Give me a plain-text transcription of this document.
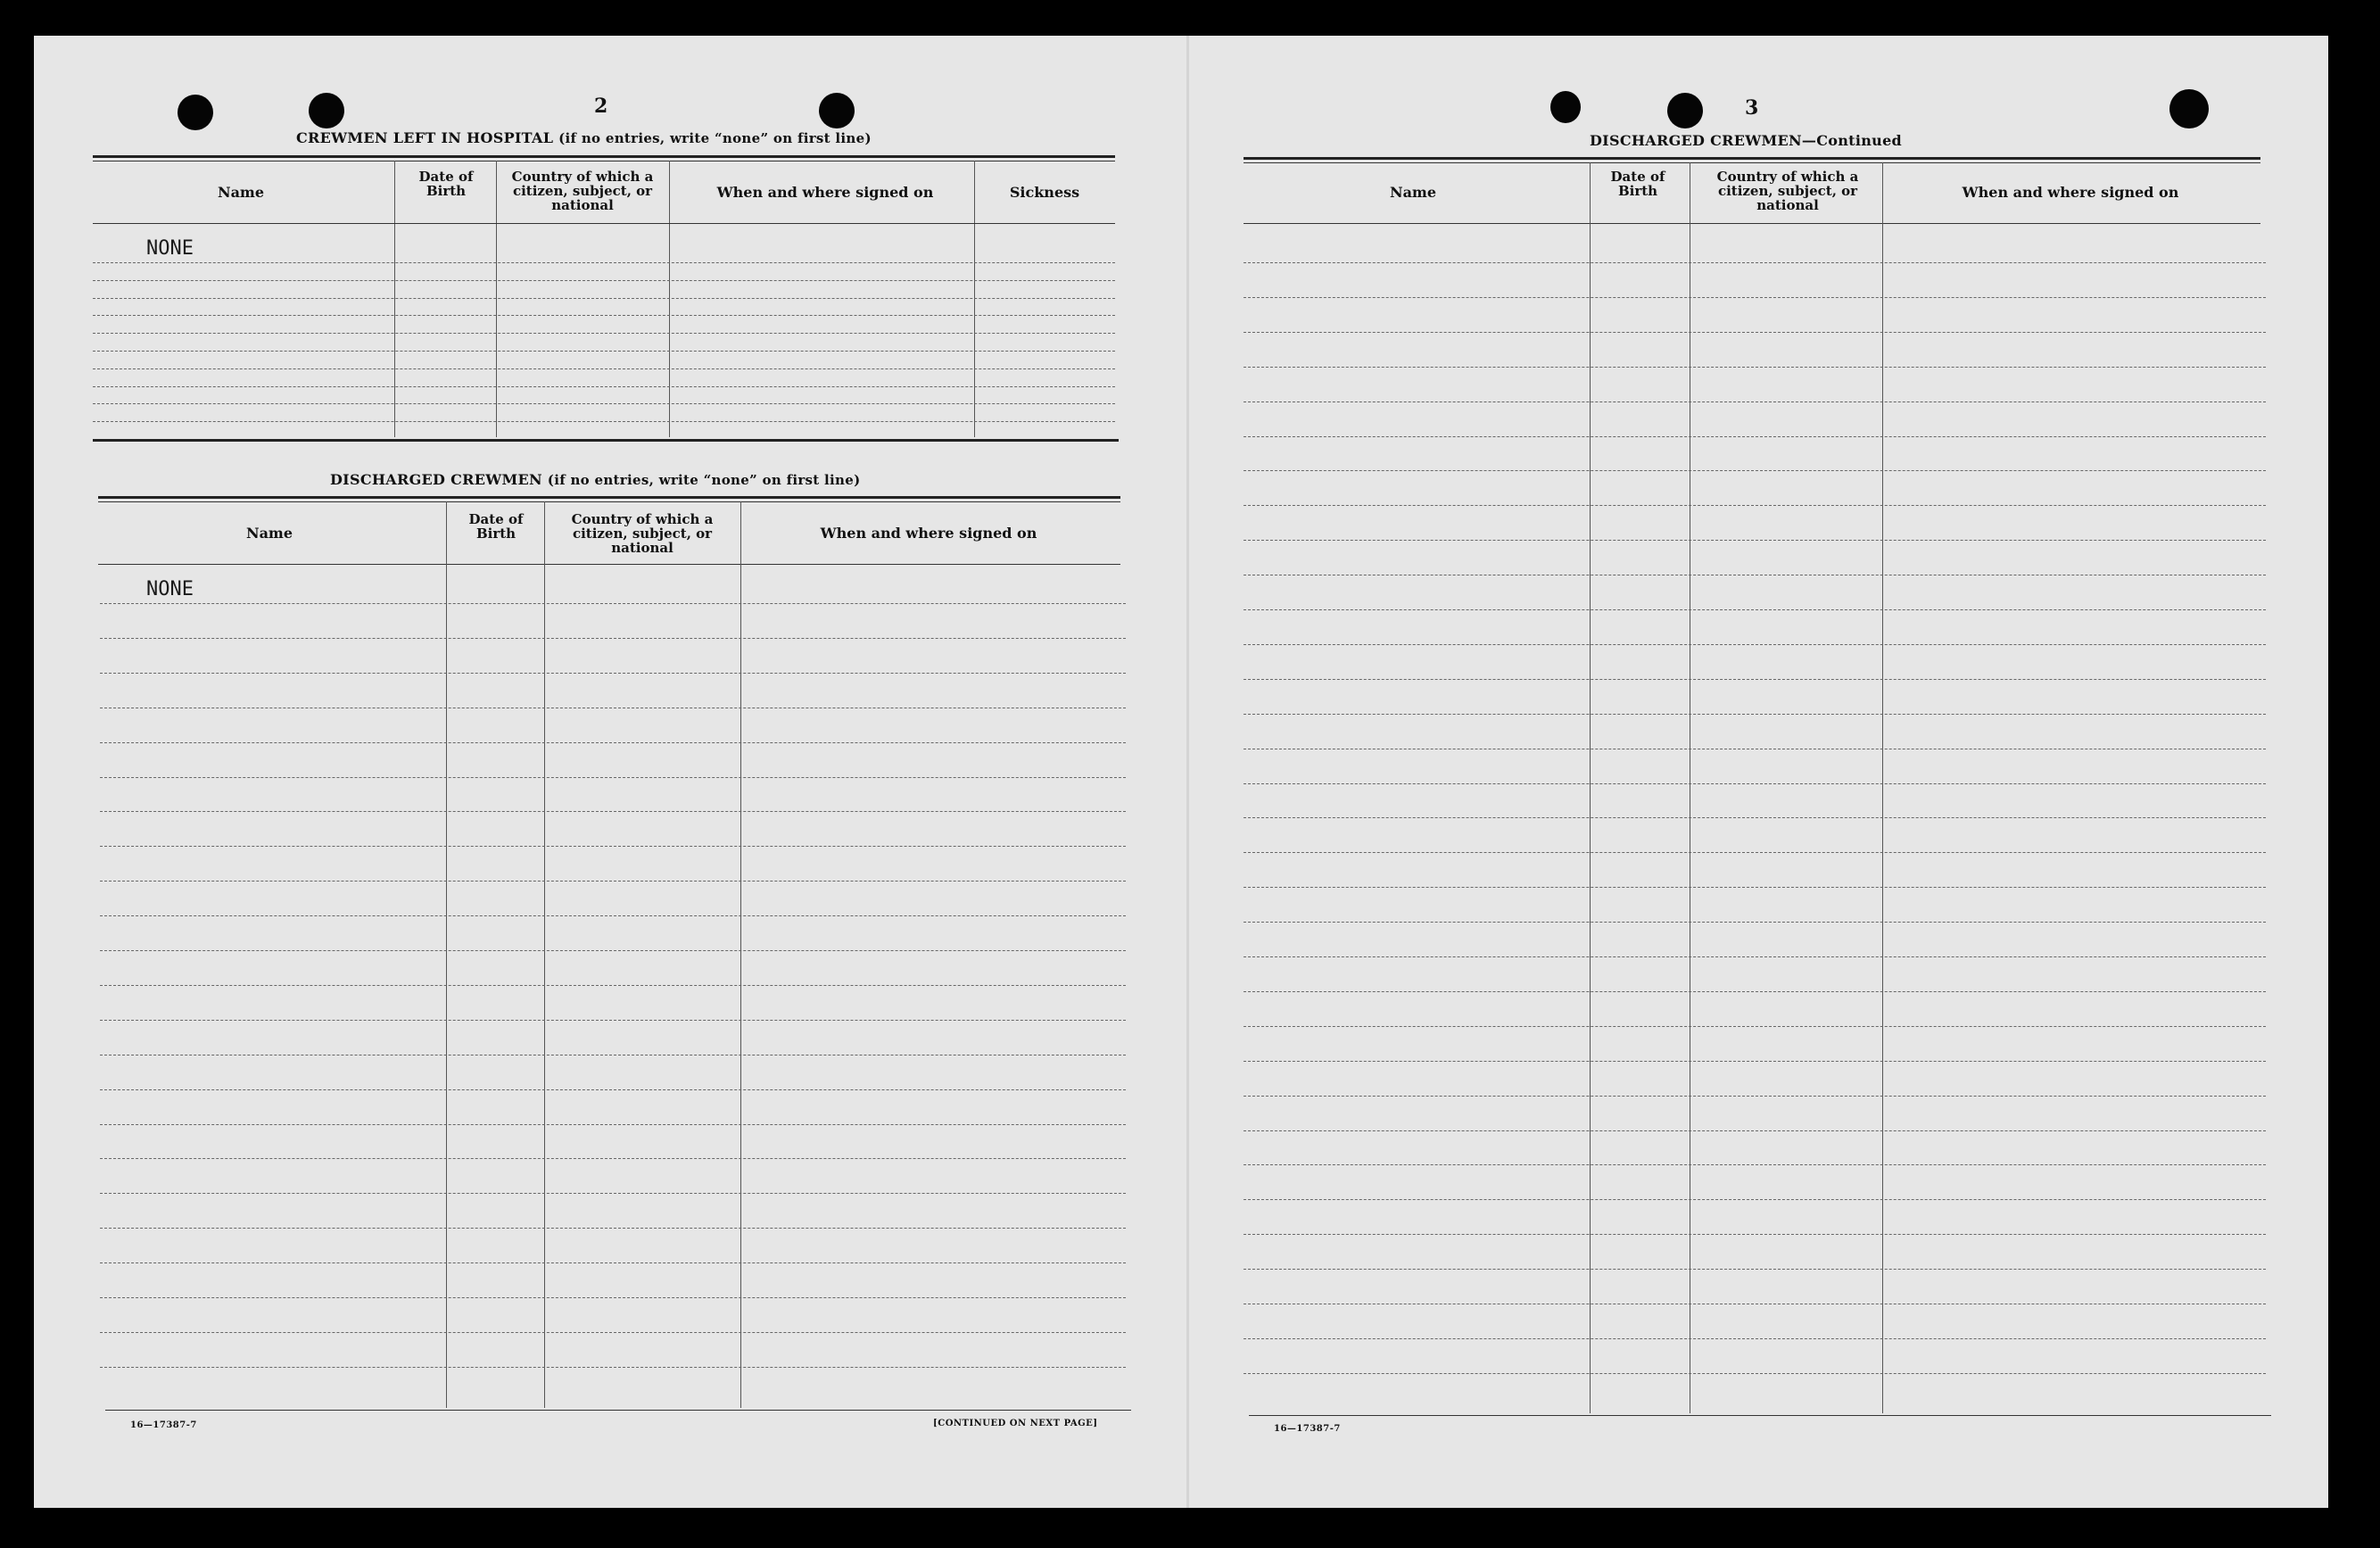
2
CREWMEN LEFT IN HOSPITAL (if no entries, write “none” on first line)
Name
Date of Birth
Country of which a citizen, subject, or national
When and where signed on	Sickness
NONE
DISCHARGED CREWMEN (if no entries, write “none” on first line)
Name
Date of Birth
Country of which a citizen, subject, or national
When and where signed on
NONE
16—17387-7	[CONTINUED ON NEXT PAGE]
3
DISCHARGED CREWMEN—Continued
Name
Date of Birth
Country of which a citizen, subject, or national
When and where signed on
16—17387-7
